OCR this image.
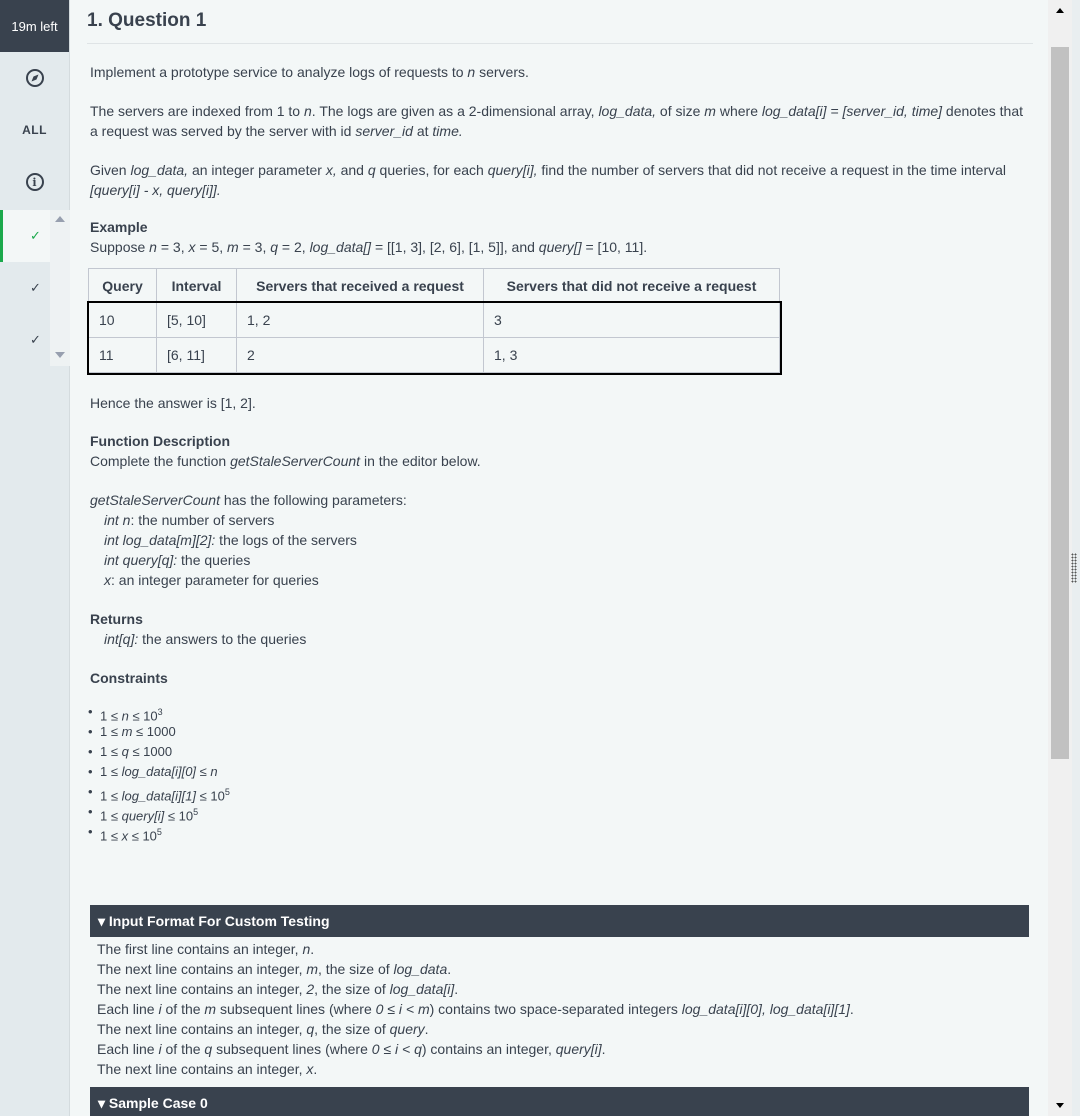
19m left
ALL
i
✓
✓
✓
1. Question 1

Implement a prototype service to analyze logs of requests to n servers.

The servers are indexed from 1 to n. The logs are given as a 2-dimensional array, log_data, of size m where log_data[i] = [server_id, time] denotes that a request was served by the server with id server_id at time.

Given log_data, an integer parameter x, and q queries, for each query[i], find the number of servers that did not receive a request in the time interval [query[i] - x, query[i]].

Example
Suppose n = 3, x = 5, m = 3, q = 2, log_data[] = [[1, 3], [2, 6], [1, 5]], and query[] = [10, 11].
Query	Interval	Servers that received a request	Servers that did not receive a request
10	[5, 10]	1, 2	3
11	[6, 11]	2	1, 3

Hence the answer is [1, 2].

Function Description

Complete the function getStaleServerCount in the editor below.

getStaleServerCount has the following parameters:
int n: the number of servers
int log_data[m][2]: the logs of the servers
int query[q]: the queries
x: an integer parameter for queries
Returns
int[q]: the answers to the queries
Constraints
• $1 \le n \le 10^3$
• 1 ≤ m ≤ 1000
• 1 ≤ q ≤ 1000
• 1 ≤ log_data[i][0] ≤ n
• 1 ≤ log_data[i][1] ≤ $10^5$
• 1 ≤ query[i] ≤ $10^5$
• $1 \le x \le 10^5$
▾ Input Format For Custom Testing
The first line contains an integer, n.
The next line contains an integer, m, the size of log_data.
The next line contains an integer, 2, the size of log_data[i].
Each line i of the m subsequent lines (where 0 ≤ i < m) contains two space-separated integers log_data[i][0], log_data[i][1].
The next line contains an integer, q, the size of query.
Each line i of the q subsequent lines (where 0 ≤ i < q) contains an integer, query[i].
The next line contains an integer, x.
▾ Sample Case 0
